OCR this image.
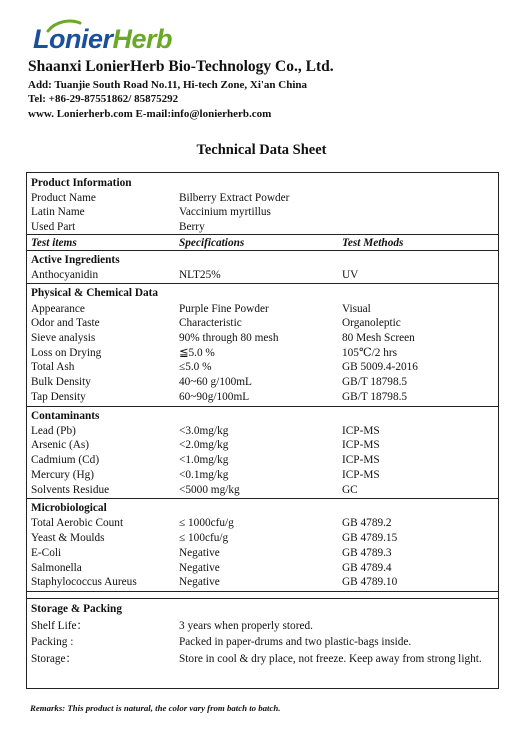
LonierHerb
Shaanxi LonierHerb Bio-Technology Co., Ltd.
Add: Tuanjie South Road No.11, Hi-tech Zone, Xi'an China
Tel: +86-29-87551862/ 85875292
www. Lonierherb.com E-mail:info@lonierherb.com
Technical Data Sheet
Product Information
Product Name	Bilberry Extract Powder
Latin Name	Vaccinium myrtillus
Used Part	Berry
Test items	Specifications	Test Methods
Active Ingredients
Anthocyanidin	NLT25%	UV
Physical & Chemical Data
Appearance	Purple Fine Powder	Visual
Odor and Taste	Characteristic	Organoleptic
Sieve analysis	90% through 80 mesh	80 Mesh Screen
Loss on Drying	≦5.0 %	105℃/2 hrs
Total Ash	≤5.0 %	GB 5009.4-2016
Bulk Density	40~60 g/100mL	GB/T 18798.5
Tap Density	60~90g/100mL	GB/T 18798.5
Contaminants
Lead (Pb)	<3.0mg/kg	ICP-MS
Arsenic (As)	<2.0mg/kg	ICP-MS
Cadmium (Cd)	<1.0mg/kg	ICP-MS
Mercury (Hg)	<0.1mg/kg	ICP-MS
Solvents Residue	<5000 mg/kg	GC
Microbiological
Total Aerobic Count	≤ 1000cfu/g	GB 4789.2
Yeast & Moulds	≤ 100cfu/g	GB 4789.15
E-Coli	Negative	GB 4789.3
Salmonella	Negative	GB 4789.4
Staphylococcus Aureus	Negative	GB 4789.10
Storage & Packing
Shelf Life：	3 years when properly stored.
Packing :	Packed in paper-drums and two plastic-bags inside.
Storage：	Store in cool & dry place, not freeze. Keep away from strong light.
Remarks: This product is natural, the color vary from batch to batch.
